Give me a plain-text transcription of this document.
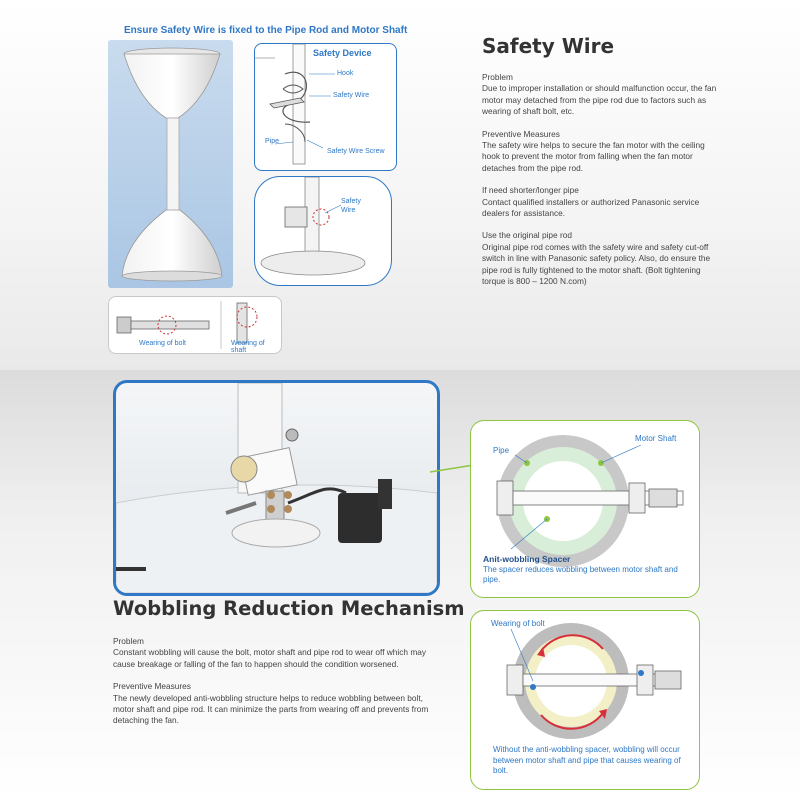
Ensure Safety Wire is fixed to the Pipe Rod and Motor Shaft
Safety Device
Hook
Safety Wire
Pipe
Safety Wire Screw
Safety
Wire
Wearing of bolt	Wearing of shaft
Safety Wire

Problem
Due to improper installation or should malfunction occur, the fan motor may detached from the pipe rod due to factors such as wearing of shaft bolt, etc.

Preventive Measures
The safety wire helps to secure the fan motor with the ceiling hook to prevent the motor from falling when the fan motor detaches from the pipe rod.

If need shorter/longer pipe
Contact qualified installers or authorized Panasonic service dealers for assistance.

Use the original pipe rod
Original pipe rod comes with the safety wire and safety cut-off switch in line with Panasonic safety policy. Also, do ensure the pipe rod is fully tightened to the motor shaft. (Bolt tightening torque is 800 – 1200 N.com)

Pipe
Motor Shaft
Anit-wobbling Spacer
The spacer reduces wobbling between motor shaft and pipe.
Wearing of bolt
Without the anti-wobbling spacer, wobbling will occur between motor shaft and pipe that causes wearing of bolt.
Wobbling Reduction Mechanism

Problem
Constant wobbling will cause the bolt, motor shaft and pipe rod to wear off which may cause breakage or falling of the fan to happen should the condition worsened.

Preventive Measures
The newly developed anti-wobbling structure helps to reduce wobbling between bolt, motor shaft and pipe rod. It can minimize the parts from wearing off and prevents from detaching the fan.
